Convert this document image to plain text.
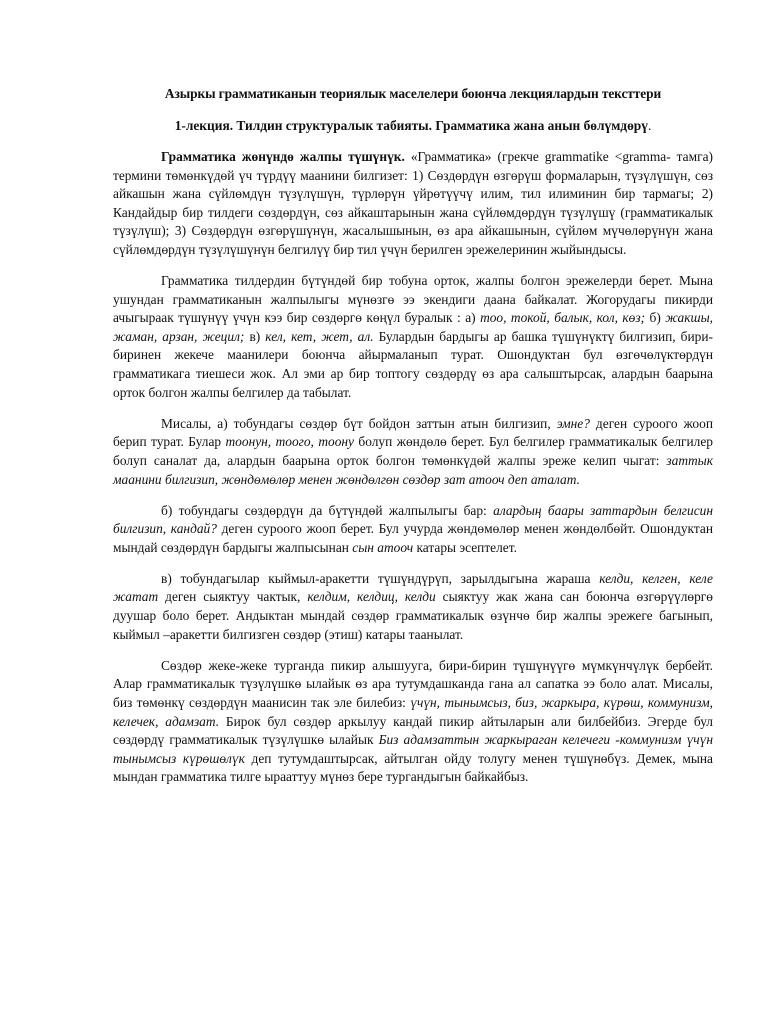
Азыркы грамматиканын теориялык маселелери боюнча лекциялардын тексттери
1-лекция. Тилдин структуралык табияты. Грамматика жана анын бөлүмдөрү.

Грамматика жөнүндө жалпы түшүнүк. «Грамматика» (грекче grammatike <gramma- тамга) термини төмөнкүдөй үч түрдүү маанини билгизет: 1) Сөздөрдүн өзгөрүш формаларын, түзүлүшүн, сөз айкашын жана сүйлөмдүн түзүлүшүн, түрлөрүн үйрөтүүчү илим, тил илиминин бир тармагы; 2) Кандайдыр бир тилдеги сөздөрдүн, сөз айкаштарынын жана сүйлөмдөрдүн түзүлүшү (грамматикалык түзүлүш); 3) Сөздөрдүн өзгөрүшүнүн, жасалышынын, өз ара айкашынын, сүйлөм мүчөлөрүнүн жана сүйлөмдөрдүн түзүлүшүнүн белгилүү бир тил үчүн берилген эрежелеринин жыйындысы.

Грамматика тилдердин бүтүндөй бир тобуна орток, жалпы болгон эрежелерди берет. Мына ушундан грамматиканын жалпылыгы мүнөзгө ээ экендиги даана байкалат. Жогорудагы пикирди ачыгыраак түшүнүү үчүн кээ бир сөздөргө көңүл буралык : а) тоо, токой, балык, кол, көз; б) жакшы, жаман, арзан, жецил; в) кел, кет, жет, ал. Булардын бардыгы ар башка түшүнүктү билгизип, бири-биринен жекече маанилери боюнча айырмаланып турат. Ошондуктан бул өзгөчөлүктөрдүн грамматикага тиешеси жок. Ал эми ар бир топтогу сөздөрдү өз ара салыштырсак, алардын баарына орток болгон жалпы белгилер да табылат.

Мисалы, а) тобундагы сөздөр бүт бойдон заттын атын билгизип, эмне? деген суроого жооп берип турат. Булар тоонун, тоого, тоону болуп жөндөлө берет. Бул белгилер грамматикалык белгилер болуп саналат да, алардын баарына орток болгон төмөнкүдөй жалпы эреже келип чыгат: заттык маанини билгизип, жөндөмөлөр менен жөндөлгөн сөздөр зат атооч деп аталат.

б) тобундагы сөздөрдүн да бүтүндөй жалпылыгы бар: алардың баары заттардын белгисин билгизип, кандай? деген суроого жооп берет. Бул учурда жөндөмөлөр менен жөндөлбөйт. Ошондуктан мындай сөздөрдүн бардыгы жалпысынан сын атооч катары эсептелет.

в) тобундагылар кыймыл-аракетти түшүндүрүп, зарылдыгына жараша келди, келген, келе жатат деген сыяктуу чактык, келдим, келдиц, келди сыяктуу жак жана сан боюнча өзгөрүүлөргө дуушар боло берет. Андыктан мындай сөздөр грамматикалык өзүнчө бир жалпы эрежеге багынып, кыймыл –аракетти билгизген сөздөр (этиш) катары таанылат.

Сөздөр жеке-жеке турганда пикир алышууга, бири-бирин түшүнүүгө мүмкүнчүлүк бербейт. Алар грамматикалык түзүлүшкө ылайык өз ара тутумдашканда гана ал сапатка ээ боло алат. Мисалы, биз төмөнкү сөздөрдүн маанисин так эле билебиз: үчүн, тынымсыз, биз, жаркыра, күрөш, коммунизм, келечек, адамзат. Бирок бул сөздөр аркылуу кандай пикир айтыларын али билбейбиз. Эгерде бул сөздөрдү грамматикалык түзүлүшкө ылайык Биз адамзаттын жаркыраган келечеги -коммунизм үчүн тынымсыз күрөшөлүк деп тутумдаштырсак, айтылган ойду толугу менен түшүнөбүз. Демек, мына мындан грамматика тилге ырааттуу мүнөз бере тургандыгын байкайбыз.
